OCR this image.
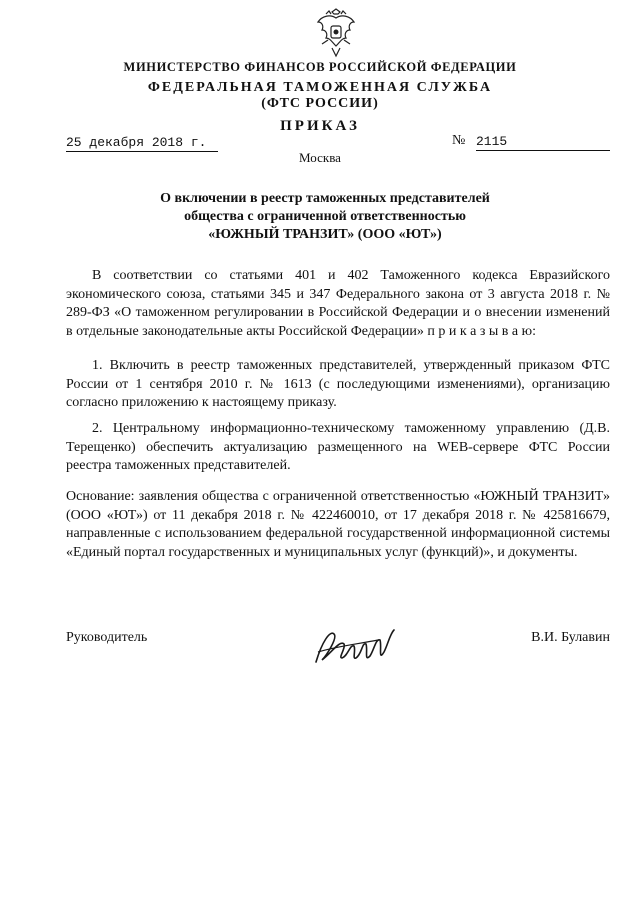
МИНИСТЕРСТВО ФИНАНСОВ РОССИЙСКОЙ ФЕДЕРАЦИИ
ФЕДЕРАЛЬНАЯ ТАМОЖЕННАЯ СЛУЖБА
(ФТС РОССИИ)
ПРИКАЗ
25 декабря 2018 г.	№ 2115
Москва
О включении в реестр таможенных представителей
общества с ограниченной ответственностью
«ЮЖНЫЙ ТРАНЗИТ» (ООО «ЮТ»)

В соответствии со статьями 401 и 402 Таможенного кодекса Евразийского экономического союза, статьями 345 и 347 Федерального закона от 3 августа 2018 г. № 289-ФЗ «О таможенном регулировании в Российской Федерации и о внесении изменений в отдельные законодательные акты Российской Федерации» п р и к а з ы в а ю:

1. Включить в реестр таможенных представителей, утвержденный приказом ФТС России от 1 сентября 2010 г. № 1613 (с последующими изменениями), организацию согласно приложению к настоящему приказу.

2. Центральному информационно-техническому таможенному управлению (Д.В. Терещенко) обеспечить актуализацию размещенного на WEB-сервере ФТС России реестра таможенных представителей.

Основание: заявления общества с ограниченной ответственностью «ЮЖНЫЙ ТРАНЗИТ» (ООО «ЮТ») от 11 декабря 2018 г. № 422460010, от 17 декабря 2018 г. № 425816679, направленные с использованием федеральной государственной информационной системы «Единый портал государственных и муниципальных услуг (функций)», и документы.

Руководитель	В.И. Булавин
